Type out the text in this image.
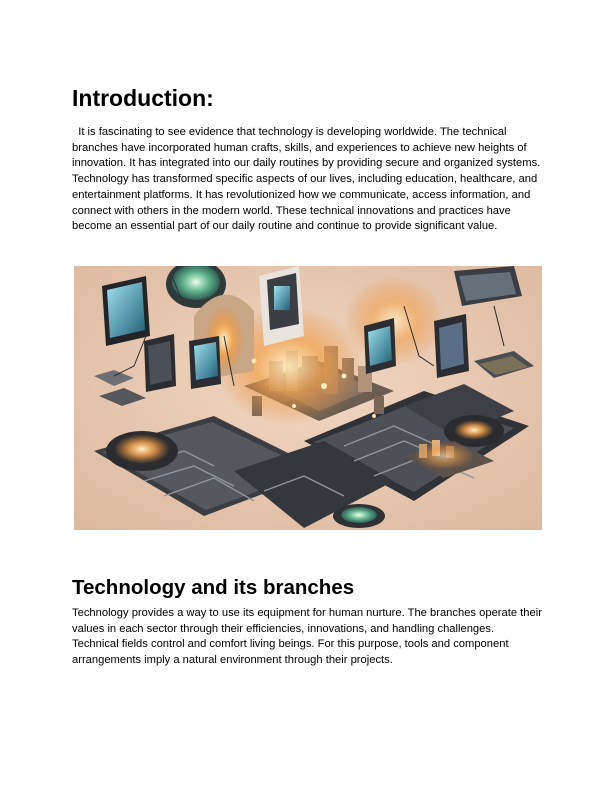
Introduction:

It is fascinating to see evidence that technology is developing worldwide. The technical branches have incorporated human crafts, skills, and experiences to achieve new heights of innovation. It has integrated into our daily routines by providing secure and organized systems. Technology has transformed specific aspects of our lives, including education, healthcare, and entertainment platforms. It has revolutionized how we communicate, access information, and connect with others in the modern world. These technical innovations and practices have become an essential part of our daily routine and continue to provide significant value.

Technology and its branches

Technology provides a way to use its equipment for human nurture. The branches operate their values in each sector through their efficiencies, innovations, and handling challenges. Technical fields control and comfort living beings. For this purpose, tools and component arrangements imply a natural environment through their projects.
